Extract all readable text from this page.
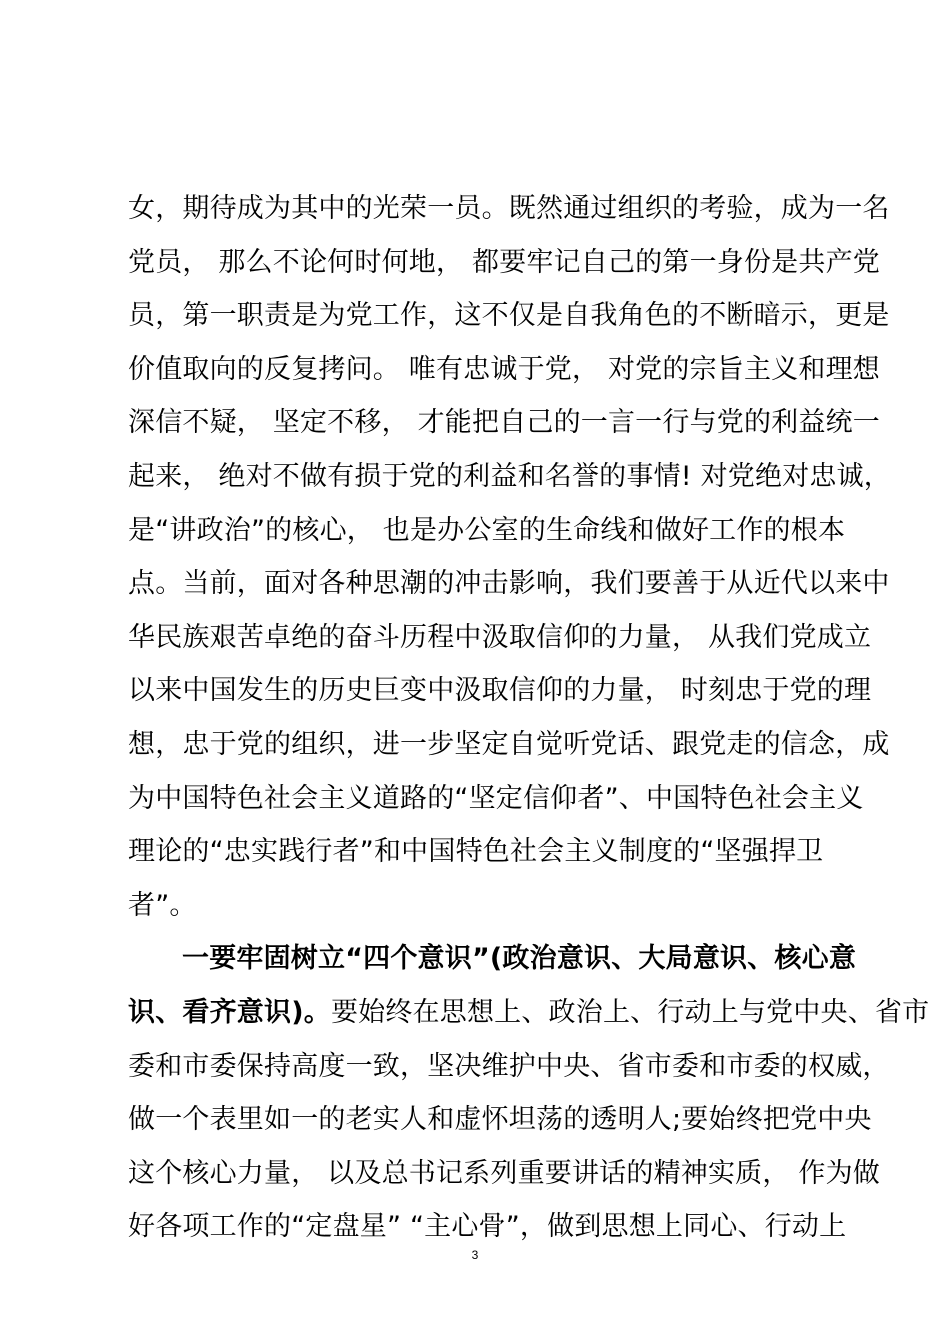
女，期待成为其中的光荣一员。既然通过组织的考验，成为一名
党员， 那么不论何时何地， 都要牢记自己的第一身份是共产党
员，第一职责是为党工作，这不仅是自我角色的不断暗示，更是
价值取向的反复拷问。 唯有忠诚于党， 对党的宗旨主义和理想
深信不疑， 坚定不移， 才能把自己的一言一行与党的利益统一
起来， 绝对不做有损于党的利益和名誉的事情! 对党绝对忠诚，
是“讲政治”的核心， 也是办公室的生命线和做好工作的根本
点。当前，面对各种思潮的冲击影响，我们要善于从近代以来中
华民族艰苦卓绝的奋斗历程中汲取信仰的力量， 从我们党成立
以来中国发生的历史巨变中汲取信仰的力量， 时刻忠于党的理
想，忠于党的组织，进一步坚定自觉听党话、跟党走的信念，成
为中国特色社会主义道路的“坚定信仰者”、中国特色社会主义
理论的“忠实践行者”和中国特色社会主义制度的“坚强捍卫
者”。
一要牢固树立“四个意识”(政治意识、大局意识、核心意
识、看齐意识)。要始终在思想上、政治上、行动上与党中央、省市
委和市委保持高度一致，坚决维护中央、省市委和市委的权威，
做一个表里如一的老实人和虚怀坦荡的透明人;要始终把党中央
这个核心力量， 以及总书记系列重要讲话的精神实质， 作为做
好各项工作的“定盘星” “主心骨”，做到思想上同心、行动上
3
